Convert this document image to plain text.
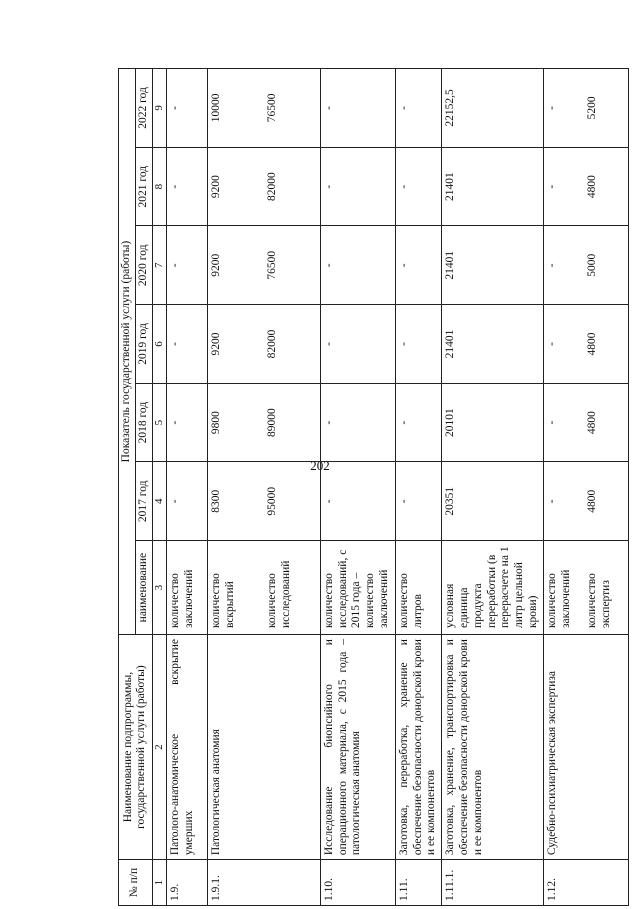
202
№ п/п	Наименование подпрограммы, государственной услуги (работы)	Показатель государственной услуги (работы)						
		наименование	2017 год	2018 год	2019 год	2020 год	2021 год	2022 год
1	2	3	4	5	6	7	8	9
1.9.	Патолого-анатомическое вскрытие умерших	количество заключений	-	-	-	-	-	-
1.9.1.	Патологическая анатомия	количество вскрытий	8300	9800	9200	9200	9200	10000
		количество исследований	95000	89000	82000	76500	82000	76500
1.10.	Исследование биопсийного и операционного материала, с 2015 года – патологическая анатомия	количество исследований, с 2015 года – количество заключений	-	-	-	-	-	-
1.11.	Заготовка, переработка, хранение и обеспечение безопасности донорской крови и ее компонентов	количество литров	-	-	-	-	-	-
1.11.1.	Заготовка, хранение, транспортировка и обеспечение безопасности донорской крови и ее компонентов	условная единица продукта переработки (в перерасчете на 1 литр цельной крови)	20351	20101	21401	21401	21401	22152,5
1.12.	Судебно-психиатрическая экспертиза	количество заключений	-	-	-	-	-	-
		количество экспертиз	4800	4800	4800	5000	4800	5200
